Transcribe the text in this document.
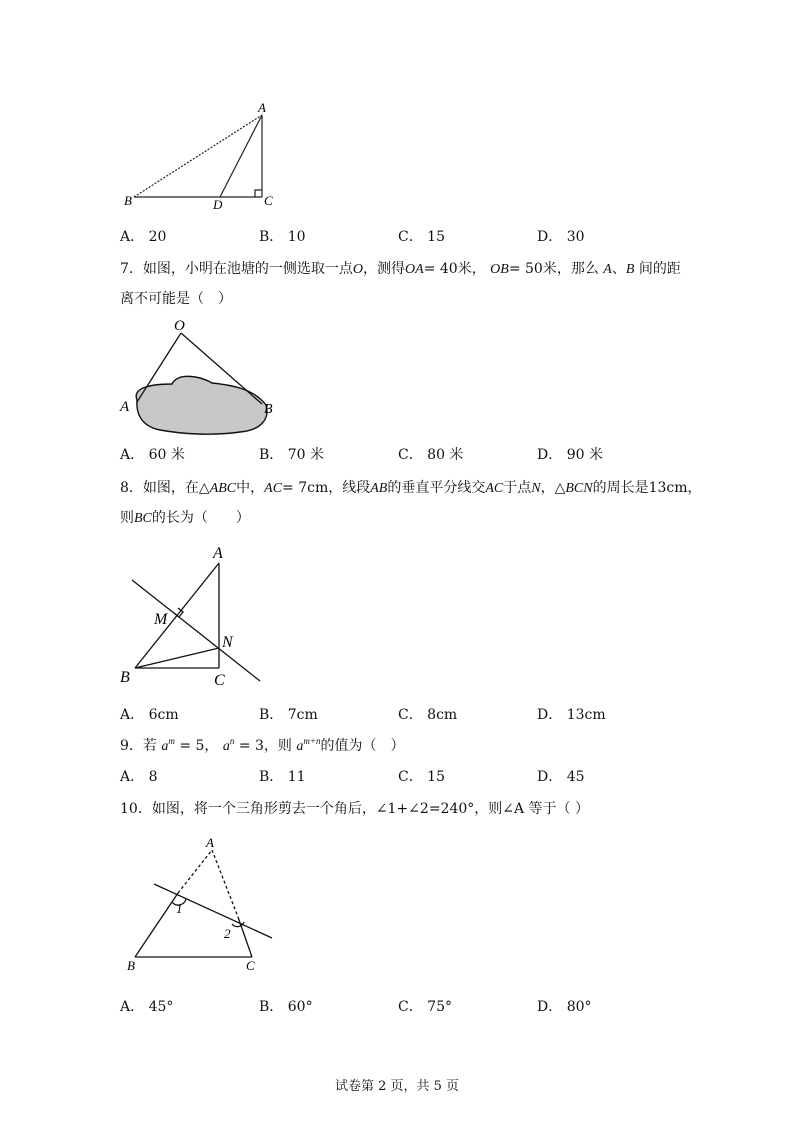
A
B	C
D
A． 20	B． 10	C． 15	D． 30
7．如图，小明在池塘的一侧选取一点O，测得OA= 40米， OB= 50米，那么 A、B 间的距
离不可能是（　）
O
A	B
A． 60 米	B． 70 米	C． 80 米	D． 90 米
8．如图，在△ABC中，AC= 7cm，线段AB的垂直平分线交AC于点N，△BCN的周长是13cm，
则BC的长为（　　）
A
M
N
B	C
A． 6cm	B． 7cm	C． 8cm	D． 13cm
9．若 $a^m = 5$， $a^n = 3$，则 $a^{m+n}$的值为（　）
A． 8	B． 11	C． 15	D． 45
10．如图，将一个三角形剪去一个角后，∠1+∠2=240°，则∠A 等于（ ）
A
B	C
1
2
A． 45°	B． 60°	C． 75°	D． 80°
试卷第 2 页，共 5 页
